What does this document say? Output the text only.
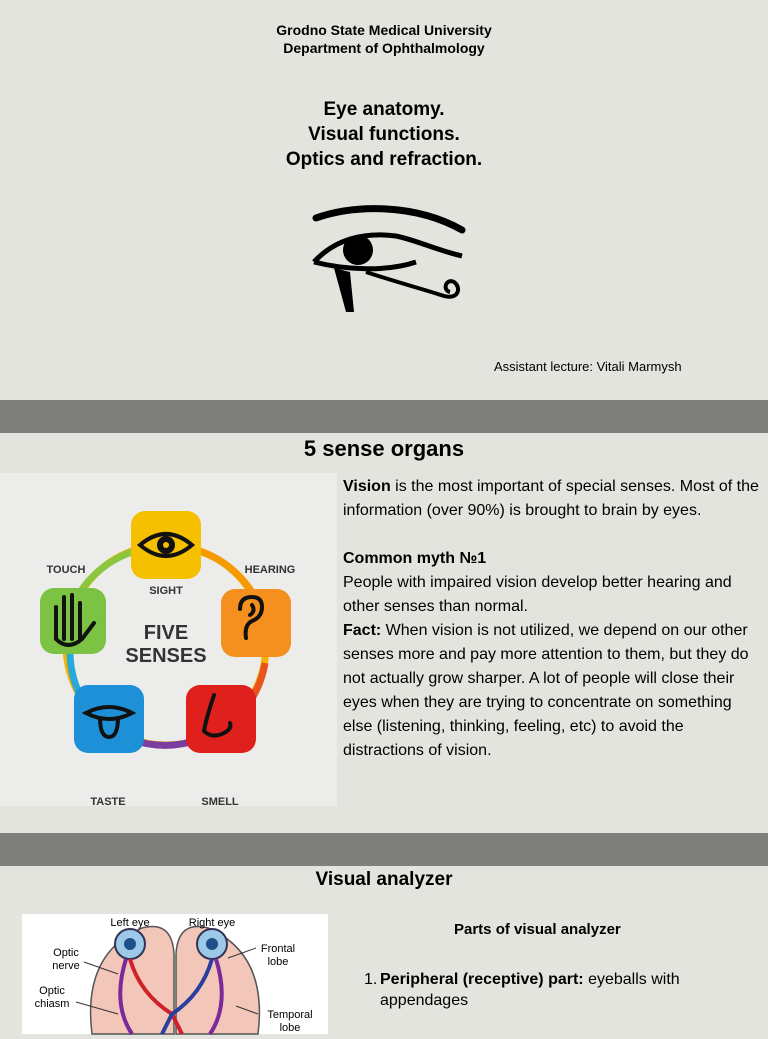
Grodno State Medical University
Department of Ophthalmology
Eye anatomy.
Visual functions.
Optics and refraction.
Assistant lecture: Vitali Marmysh
5 sense organs
FIVE
SENSES
SIGHT
HEARING
TOUCH
TASTE	SMELL

Vision is the most important of special senses. Most of the information (over 90%) is brought to brain by eyes.

Common myth №1

People with impaired vision develop better hearing and other senses than normal.

Fact: When vision is not utilized, we depend on our other senses more and pay more attention to them, but they do not actually grow sharper. A lot of people will close their eyes when they are trying to concentrate on something else (listening, thinking, feeling, etc) to avoid the distractions of vision.

Visual analyzer
Left eye	Right eye
Optic
nerve
Optic
chiasm
Frontal
lobe
Temporal
lobe
Parts of visual analyzer
1. Peripheral (receptive) part: eyeballs with appendages
